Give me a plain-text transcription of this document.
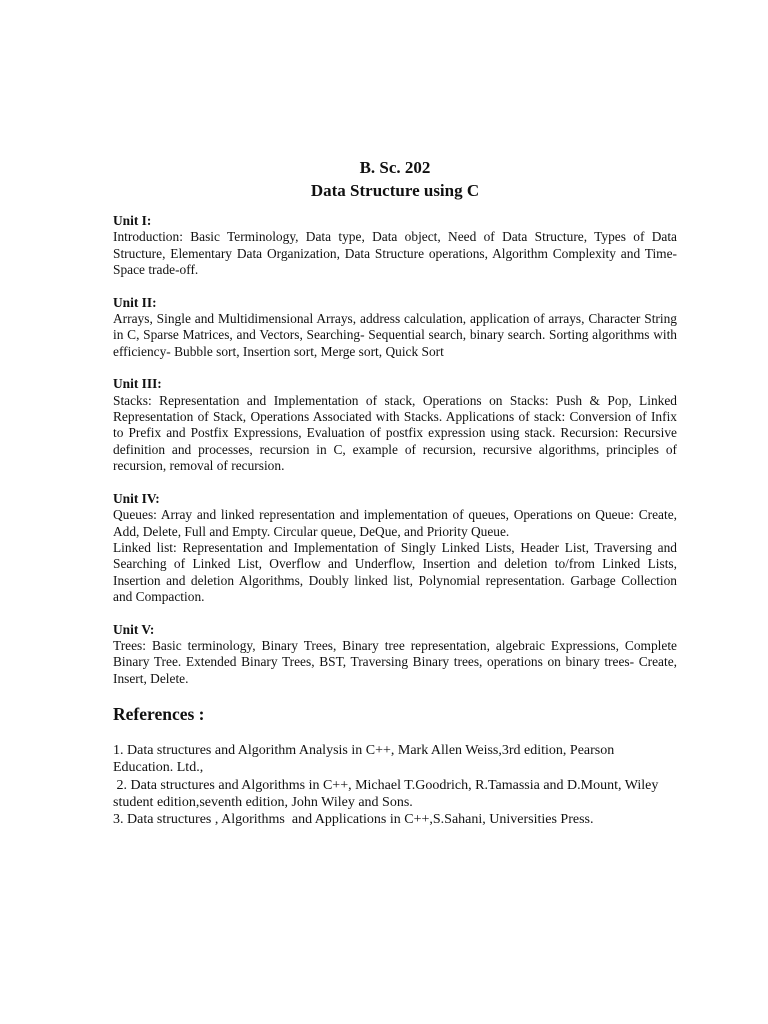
B. Sc. 202
Data Structure using C
Unit I:
Introduction: Basic Terminology, Data type, Data object, Need of Data Structure, Types of Data Structure, Elementary Data Organization, Data Structure operations, Algorithm Complexity and Time-Space trade-off.
Unit II:
Arrays, Single and Multidimensional Arrays, address calculation, application of arrays, Character String in C, Sparse Matrices, and Vectors, Searching- Sequential search, binary search. Sorting algorithms with efficiency- Bubble sort, Insertion sort, Merge sort, Quick Sort
Unit III:
Stacks: Representation and Implementation of stack, Operations on Stacks: Push & Pop, Linked Representation of Stack, Operations Associated with Stacks. Applications of stack: Conversion of Infix to Prefix and Postfix Expressions, Evaluation of postfix expression using stack. Recursion: Recursive definition and processes, recursion in C, example of recursion, recursive algorithms, principles of recursion, removal of recursion.
Unit IV:
Queues: Array and linked representation and implementation of queues, Operations on Queue: Create, Add, Delete, Full and Empty. Circular queue, DeQue, and Priority Queue.
Linked list: Representation and Implementation of Singly Linked Lists, Header List, Traversing and Searching of Linked List, Overflow and Underflow, Insertion and deletion to/from Linked Lists, Insertion and deletion Algorithms, Doubly linked list, Polynomial representation. Garbage Collection and Compaction.
Unit V:
Trees: Basic terminology, Binary Trees, Binary tree representation, algebraic Expressions, Complete Binary Tree. Extended Binary Trees, BST, Traversing Binary trees, operations on binary trees- Create, Insert, Delete.
References :
1. Data structures and Algorithm Analysis in C++, Mark Allen Weiss,3rd edition, Pearson Education. Ltd.,
2. Data structures and Algorithms in C++, Michael T.Goodrich, R.Tamassia and D.Mount, Wiley      student edition,seventh edition, John Wiley and Sons.
3. Data structures , Algorithms  and Applications in C++,S.Sahani, Universities Press.
